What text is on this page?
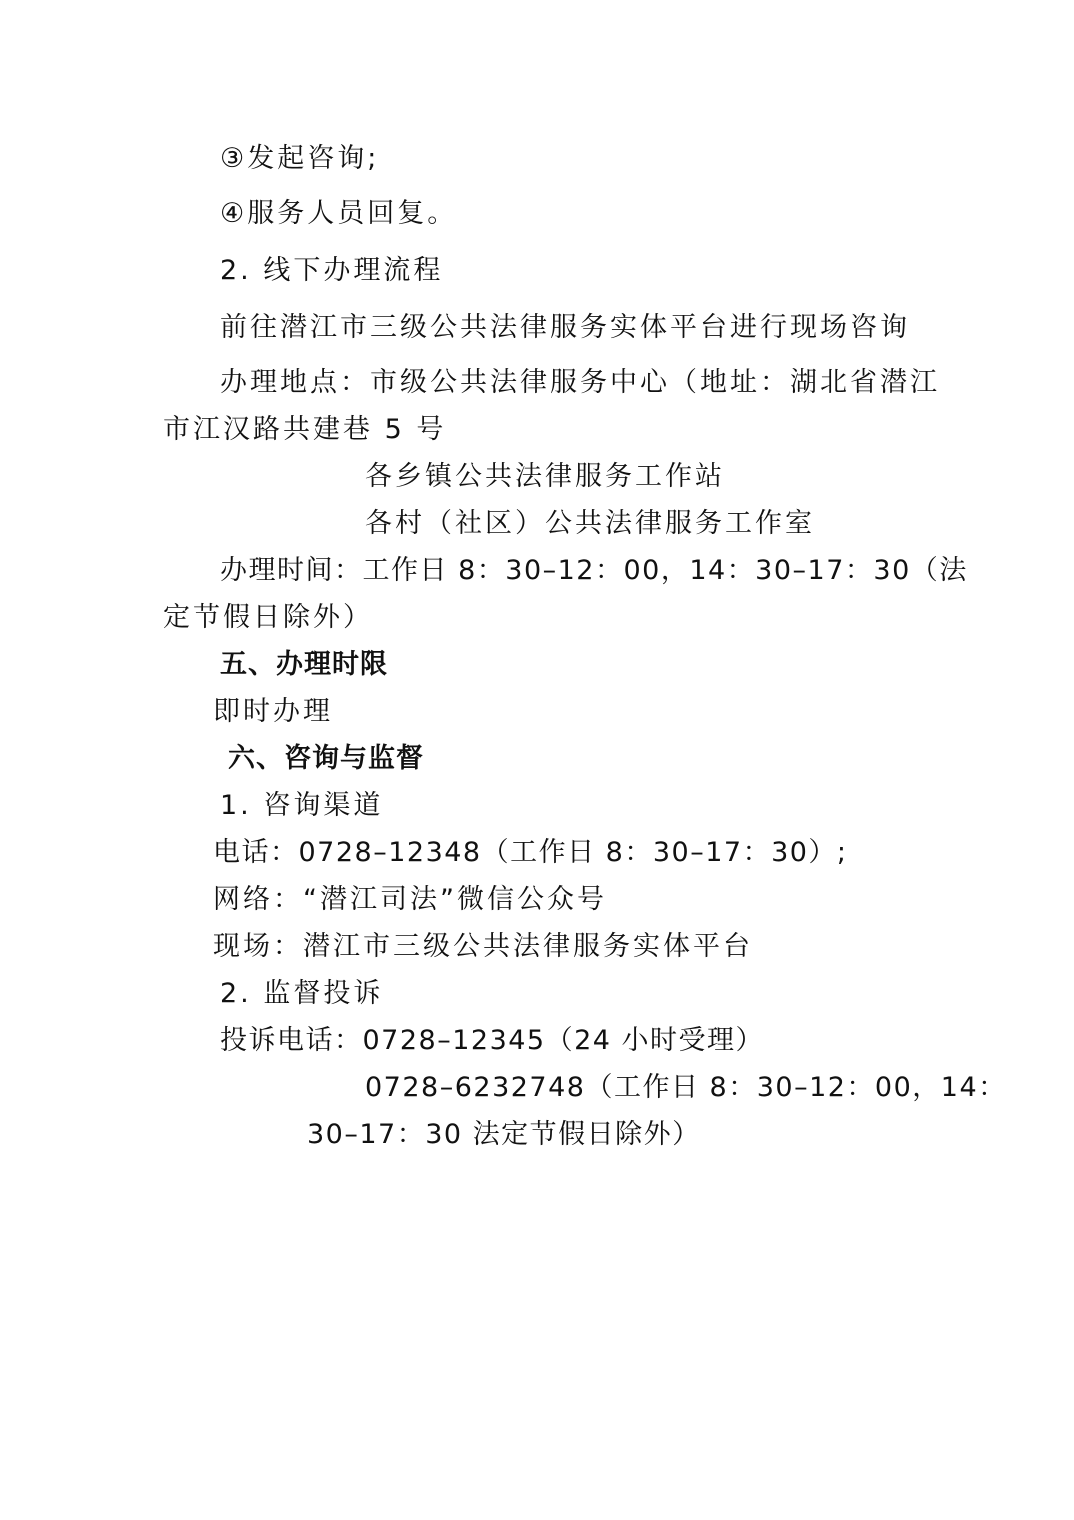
③发起咨询;
④服务人员回复。
2. 线下办理流程
前往潜江市三级公共法律服务实体平台进行现场咨询
办理地点：市级公共法律服务中心（地址：湖北省潜江
市江汉路共建巷 5 号
各乡镇公共法律服务工作站
各村（社区）公共法律服务工作室
办理时间：工作日 8：30–12：00，14：30–17：30（法
定节假日除外）
五、办理时限
即时办理
六、咨询与监督
1. 咨询渠道
电话：0728–12348（工作日 8：30–17：30）;
网络：“潜江司法”微信公众号
现场：潜江市三级公共法律服务实体平台
2. 监督投诉
投诉电话：0728–12345（24 小时受理）
0728–6232748（工作日 8：30–12：00，14：
30–17：30 法定节假日除外）
